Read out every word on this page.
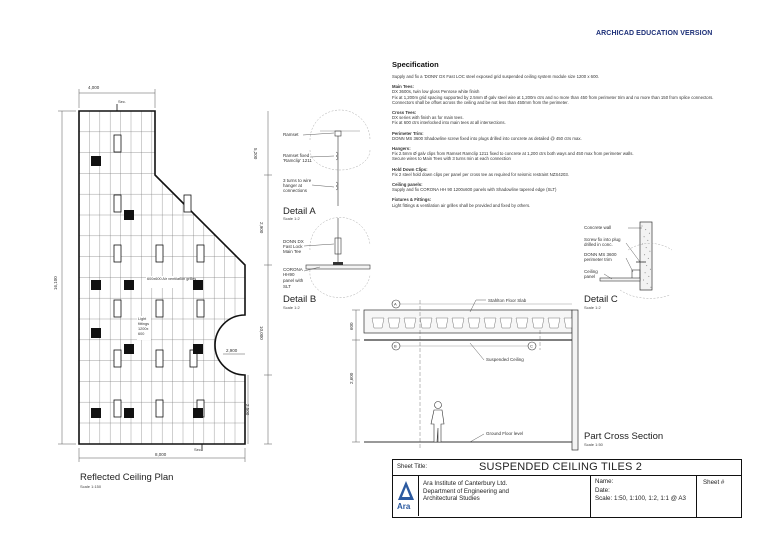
ARCHICAD EDUCATION VERSION
Specification
Supply and fix a 'DONN' DX Fast LOC steel exposed grid suspended ceiling system module size 1200 x 600.
Main Tees:
DX 3600s, twin low gloss Penrose white finish
Fix at 1,200m grid spacing supported by 2.5mm Ø galv steel wire at 1,200m ctrs and no more than 450 from perimeter trim and no more than 150 from splice connectors.
Connectors shall be offset across the ceiling and be not less than 450mm from the perimeter.
Cross Tees:
DX series with finish as for main tees.
Fix at 600 ctrs interlocked into main tees at all intersections.
Perimeter Trim:
DONN MS 3600 Shadowline screw fixed into plugs drilled into concrete as detailed @ 450 ctrs max.
Hangers:
Fix 2.5mm Ø galv clips from Ramset Ramclip 1211 fixed to concrete at 1,200 ctrs both ways and 450 max from perimeter walls.
Secure wires to Main Tees with 3 turns min at each connection
Hold Down Clips:
Fix 2 steel hold down clips per panel per cross tee as required for seismic restraint NZS4203.
Ceiling panels:
Supply and fix CORONA HH 90 1200x600 panels with Shadowline tapered edge (SLT)
Fixtures & Fittings:
Light fittings & ventilation air grilles shall be provided and fixed by others.
4,000
8,000
16,100
5,200
2,900
10,000
2,500
2,900
Sec.
Sec.
600x600 Air ventilation grilles
Light
fittings
1200x
600
Ramset
Ramset fixed
'Ramclip' 1211
3 turns to wire
hanger at
connections
Detail A
Scale 1:2
DONN DX
Fast Lock
Main Tee
CORONA
HH90
panel with
SLT
Detail B
Scale 1:2
Concrete wall
Screw fix into plug
drilled in conc.
DONN MS 3600
perimeter trim
Ceiling
panel
Detail C
Scale 1:2
A
B	C
600
2,600
Stahlton Floor Slab
Suspended Ceiling
Ground Floor level	Part Cross Section
Scale 1:50
Reflected Ceiling Plan
Scale 1:150
Sheet Title:	SUSPENDED CEILING TILES 2
Ara
Ara Institute of Canterbury Ltd.
Department of Engineering and
Architectural Studies
Name:
Date:
Scale: 1:50, 1:100, 1:2, 1:1 @ A3
Sheet #
